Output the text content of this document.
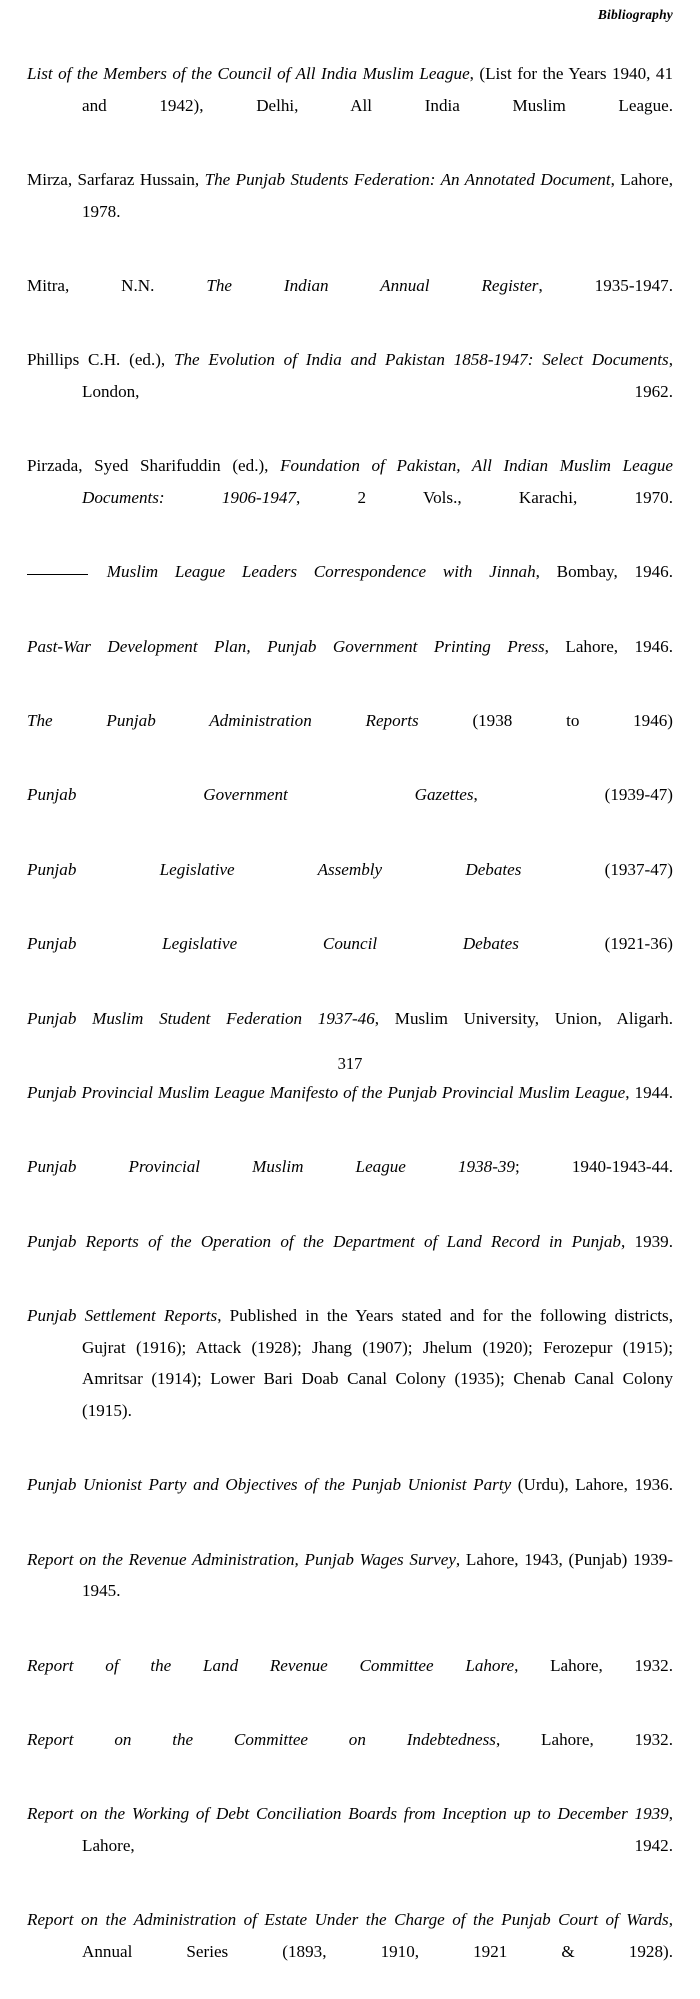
Bibliography

List of the Members of the Council of All India Muslim League, (List for the Years 1940, 41 and 1942), Delhi, All India Muslim League.

Mirza, Sarfaraz Hussain, The Punjab Students Federation: An Annotated Document, Lahore, 1978.

Mitra, N.N. The Indian Annual Register, 1935-1947.

Phillips C.H. (ed.), The Evolution of India and Pakistan 1858-1947: Select Documents, London, 1962.

Pirzada, Syed Sharifuddin (ed.), Foundation of Pakistan, All Indian Muslim League Documents: 1906-1947, 2 Vols., Karachi, 1970.

Muslim League Leaders Correspondence with Jinnah, Bombay, 1946.

Past-War Development Plan, Punjab Government Printing Press, Lahore, 1946.

The Punjab Administration Reports (1938 to 1946)

Punjab Government Gazettes, (1939-47)

Punjab Legislative Assembly Debates (1937-47)

Punjab Legislative Council Debates (1921-36)

Punjab Muslim Student Federation 1937-46, Muslim University, Union, Aligarh.

Punjab Provincial Muslim League Manifesto of the Punjab Provincial Muslim League, 1944.

Punjab Provincial Muslim League 1938-39; 1940-1943-44.

Punjab Reports of the Operation of the Department of Land Record in Punjab, 1939.

Punjab Settlement Reports, Published in the Years stated and for the following districts, Gujrat (1916); Attack (1928); Jhang (1907); Jhelum (1920); Ferozepur (1915); Amritsar (1914); Lower Bari Doab Canal Colony (1935); Chenab Canal Colony (1915).

Punjab Unionist Party and Objectives of the Punjab Unionist Party (Urdu), Lahore, 1936.

Report on the Revenue Administration, Punjab Wages Survey, Lahore, 1943, (Punjab) 1939-1945.

Report of the Land Revenue Committee Lahore, Lahore, 1932.

Report on the Committee on Indebtedness, Lahore, 1932.

Report on the Working of Debt Conciliation Boards from Inception up to December 1939, Lahore, 1942.

Report on the Administration of Estate Under the Charge of the Punjab Court of Wards, Annual Series (1893, 1910, 1921 & 1928).

317
